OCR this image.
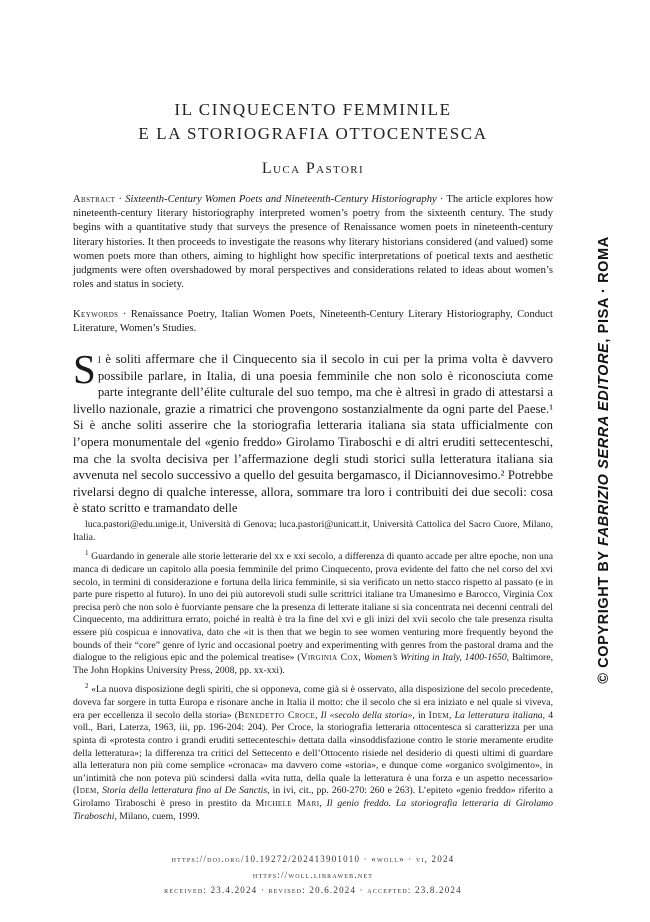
IL CINQUECENTO FEMMINILE
E LA STORIOGRAFIA OTTOCENTESCA
Luca Pastori
Abstract · Sixteenth-Century Women Poets and Nineteenth-Century Historiography · The article explores how nineteenth-century literary historiography interpreted women’s poetry from the sixteenth century. The study begins with a quantitative study that surveys the presence of Renaissance women poets in nineteenth-century literary histories. It then proceeds to investigate the reasons why literary historians considered (and valued) some women poets more than others, aiming to highlight how specific interpretations of poetical texts and aesthetic judgments were often overshadowed by moral perspectives and considerations related to ideas about women’s roles and status in society.
Keywords · Renaissance Poetry, Italian Women Poets, Nineteenth-Century Literary Historiography, Conduct Literature, Women’s Studies.
Si è soliti affermare che il Cinquecento sia il secolo in cui per la prima volta è davvero possibile parlare, in Italia, di una poesia femminile che non solo è riconosciuta come parte integrante dell’élite culturale del suo tempo, ma che è altresì in grado di attestarsi a livello nazionale, grazie a rimatrici che provengono sostanzialmente da ogni parte del Paese.¹ Si è anche soliti asserire che la storiografia letteraria italiana sia stata ufficialmente con l’opera monumentale del «genio freddo» Girolamo Tiraboschi e di altri eruditi settecenteschi, ma che la svolta decisiva per l’affermazione degli studi storici sulla letteratura italiana sia avvenuta nel secolo successivo a quello del gesuita bergamasco, il Diciannovesimo.² Potrebbe rivelarsi degno di qualche interesse, allora, sommare tra loro i contribuiti dei due secoli: cosa è stato scritto e tramandato delle

luca.pastori@edu.unige.it, Università di Genova; luca.pastori@unicatt.it, Università Cattolica del Sacro Cuore, Milano, Italia.

$^1$ Guardando in generale alle storie letterarie del xx e xxi secolo, a differenza di quanto accade per altre epoche, non una manca di dedicare un capitolo alla poesia femminile del primo Cinquecento, prova evidente del fatto che nel corso del xvi secolo, in termini di considerazione e fortuna della lirica femminile, si sia verificato un netto stacco rispetto al passato (e in parte pure rispetto al futuro). In uno dei più autorevoli studi sulle scrittrici italiane tra Umanesimo e Barocco, Virginia Cox precisa però che non solo è fuorviante pensare che la presenza di letterate italiane si sia concentrata nei decenni centrali del Cinquecento, ma addirittura errato, poiché in realtà è tra la fine del xvi e gli inizi del xvii secolo che tale presenza risulta essere più cospicua e innovativa, dato che «it is then that we begin to see women venturing more frequently beyond the bounds of their “core” genre of lyric and occasional poetry and experimenting with genres from the pastoral drama and the dialogue to the religious epic and the polemical treatise» (Virginia Cox, Women’s Writing in Italy, 1400-1650, Baltimore, The John Hopkins University Press, 2008, pp. xx-xxi).

$^2$ «La nuova disposizione degli spiriti, che si opponeva, come già si è osservato, alla disposizione del secolo precedente, doveva far sorgere in tutta Europa e risonare anche in Italia il motto: che il secolo che si era iniziato e nel quale si viveva, era per eccellenza il secolo della storia» (Benedetto Croce, Il «secolo della storia», in Idem, La letteratura italiana, 4 voll., Bari, Laterza, 1963, iii, pp. 196-204: 204). Per Croce, la storiografia letteraria ottocentesca si caratterizza per una spinta di «protesta contro i grandi eruditi settecenteschi» dettata dalla «insoddisfazione contro le storie meramente erudite della letteratura»; la differenza tra critici del Settecento e dell’Ottocento risiede nel desiderio di questi ultimi di guardare alla letteratura non più come semplice «cronaca» ma davvero come «storia», e dunque come «organico svolgimento», in un’intimità che non poteva più scindersi dalla «vita tutta, della quale la letteratura è una forza e un aspetto necessario» (Idem, Storia della letteratura fino al De Sanctis, in ivi, cit., pp. 260-270: 260 e 263). L’epiteto «genio freddo» riferito a Girolamo Tiraboschi è preso in prestito da Michele Mari, Il genio freddo. La storiografia letteraria di Girolamo Tiraboschi, Milano, cuem, 1999.

https://doi.org/10.19272/202413901010 · «woll» · vi, 2024
https://woll.libraweb.net
received: 23.4.2024 · revised: 20.6.2024 · accepted: 23.8.2024
© COPYRIGHT BY FABRIZIO SERRA EDITORE, PISA · ROMA
